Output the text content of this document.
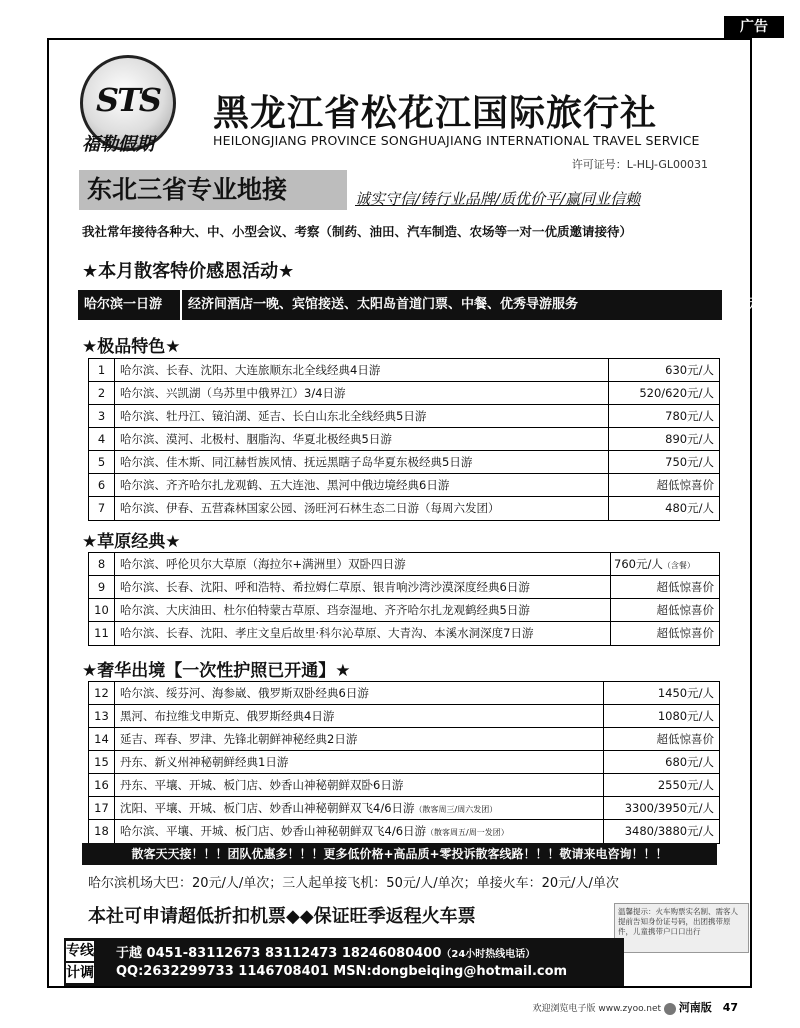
广告
STS
福勒假期
黑龙江省松花江国际旅行社
HEILONGJIANG PROVINCE SONGHUAJIANG INTERNATIONAL TRAVEL SERVICE
许可证号：L-HLJ-GL00031
东北三省专业地接	诚实守信/铸行业品牌/质优价平/赢同业信赖
我社常年接待各种大、中、小型会议、考察（制药、油田、汽车制造、农场等一对一优质邀请接待）
★本月散客特价感恩活动★
哈尔滨一日游	经济间酒店一晚、宾馆接送、太阳岛首道门票、中餐、优秀导游服务	50元/人
★极品特色★
1	哈尔滨、长春、沈阳、大连旅顺东北全线经典4日游	630元/人
2	哈尔滨、兴凯湖（乌苏里中俄界江）3/4日游	520/620元/人
3	哈尔滨、牡丹江、镜泊湖、延吉、长白山东北全线经典5日游	780元/人
4	哈尔滨、漠河、北极村、胭脂沟、华夏北极经典5日游	890元/人
5	哈尔滨、佳木斯、同江赫哲族风情、抚远黑瞎子岛华夏东极经典5日游	750元/人
6	哈尔滨、齐齐哈尔扎龙观鹤、五大连池、黑河中俄边境经典6日游	超低惊喜价
7	哈尔滨、伊春、五营森林国家公园、汤旺河石林生态二日游（每周六发团）	480元/人
★草原经典★
8	哈尔滨、呼伦贝尔大草原（海拉尔+满洲里）双卧四日游	760元/人（含餐）
9	哈尔滨、长春、沈阳、呼和浩特、希拉姆仁草原、银肯响沙湾沙漠深度经典6日游	超低惊喜价
10 哈尔滨、大庆油田、杜尔伯特蒙古草原、珰奈湿地、齐齐哈尔扎龙观鹤经典5日游	超低惊喜价
11 哈尔滨、长春、沈阳、孝庄文皇后故里·科尔沁草原、大青沟、本溪水洞深度7日游	超低惊喜价
★奢华出境【一次性护照已开通】★
12 哈尔滨、绥芬河、海参崴、俄罗斯双卧经典6日游	1450元/人
13 黑河、布拉维戈申斯克、俄罗斯经典4日游	1080元/人
14 延吉、珲春、罗津、先锋北朝鲜神秘经典2日游	超低惊喜价
15 丹东、新义州神秘朝鲜经典1日游	680元/人
16 丹东、平壤、开城、板门店、妙香山神秘朝鲜双卧6日游	2550元/人
17 沈阳、平壤、开城、板门店、妙香山神秘朝鲜双飞4/6日游（散客周三/周六发团）	3300/3950元/人
18 哈尔滨、平壤、开城、板门店、妙香山神秘朝鲜双飞4/6日游（散客周五/周一发团）	3480/3880元/人
散客天天接！！！团队优惠多！！！更多低价格+高品质+零投诉散客线路！！！敬请来电咨询！！！
哈尔滨机场大巴：20元/人/单次；三人起单接飞机：50元/人/单次；单接火车：20元/人/单次
本社可申请超低折扣机票◆◆保证旺季返程火车票	温馨提示：火车购票实名制、需客人提前告知身份证号码，出团携带原件，儿童携带户口口出行
专线
计调
于越 0451-83112673 83112473 18246080400（24小时热线电话）
QQ:2632299733 1146708401 MSN:dongbeiqing@hotmail.com
欢迎浏览电子版 www.zyoo.net 河南版 47
